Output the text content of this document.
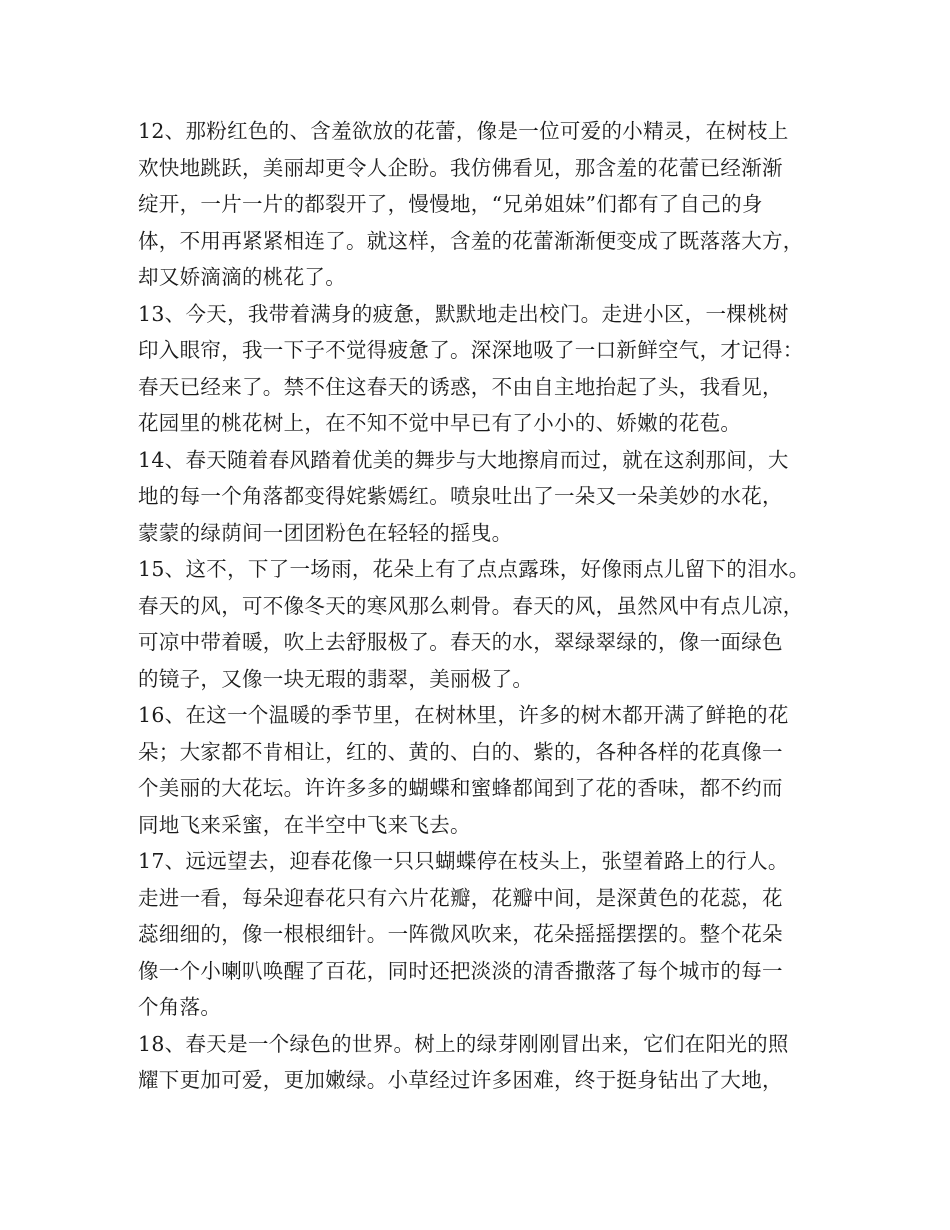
12、那粉红色的、含羞欲放的花蕾，像是一位可爱的小精灵，在树枝上
欢快地跳跃，美丽却更令人企盼。我仿佛看见，那含羞的花蕾已经渐渐
绽开，一片一片的都裂开了，慢慢地，“兄弟姐妹”们都有了自己的身
体，不用再紧紧相连了。就这样，含羞的花蕾渐渐便变成了既落落大方，
却又娇滴滴的桃花了。
13、今天，我带着满身的疲惫，默默地走出校门。走进小区，一棵桃树
印入眼帘，我一下子不觉得疲惫了。深深地吸了一口新鲜空气，才记得：
春天已经来了。禁不住这春天的诱惑，不由自主地抬起了头，我看见，
花园里的桃花树上，在不知不觉中早已有了小小的、娇嫩的花苞。
14、春天随着春风踏着优美的舞步与大地擦肩而过，就在这刹那间，大
地的每一个角落都变得姹紫嫣红。喷泉吐出了一朵又一朵美妙的水花，
蒙蒙的绿荫间一团团粉色在轻轻的摇曳。
15、这不，下了一场雨，花朵上有了点点露珠，好像雨点儿留下的泪水。
春天的风，可不像冬天的寒风那么刺骨。春天的风，虽然风中有点儿凉，
可凉中带着暖，吹上去舒服极了。春天的水，翠绿翠绿的，像一面绿色
的镜子，又像一块无瑕的翡翠，美丽极了。
16、在这一个温暖的季节里，在树林里，许多的树木都开满了鲜艳的花
朵；大家都不肯相让，红的、黄的、白的、紫的，各种各样的花真像一
个美丽的大花坛。许许多多的蝴蝶和蜜蜂都闻到了花的香味，都不约而
同地飞来采蜜，在半空中飞来飞去。
17、远远望去，迎春花像一只只蝴蝶停在枝头上，张望着路上的行人。
走进一看，每朵迎春花只有六片花瓣，花瓣中间，是深黄色的花蕊，花
蕊细细的，像一根根细针。一阵微风吹来，花朵摇摇摆摆的。整个花朵
像一个小喇叭唤醒了百花，同时还把淡淡的清香撒落了每个城市的每一
个角落。
18、春天是一个绿色的世界。树上的绿芽刚刚冒出来，它们在阳光的照
耀下更加可爱，更加嫩绿。小草经过许多困难，终于挺身钻出了大地，
